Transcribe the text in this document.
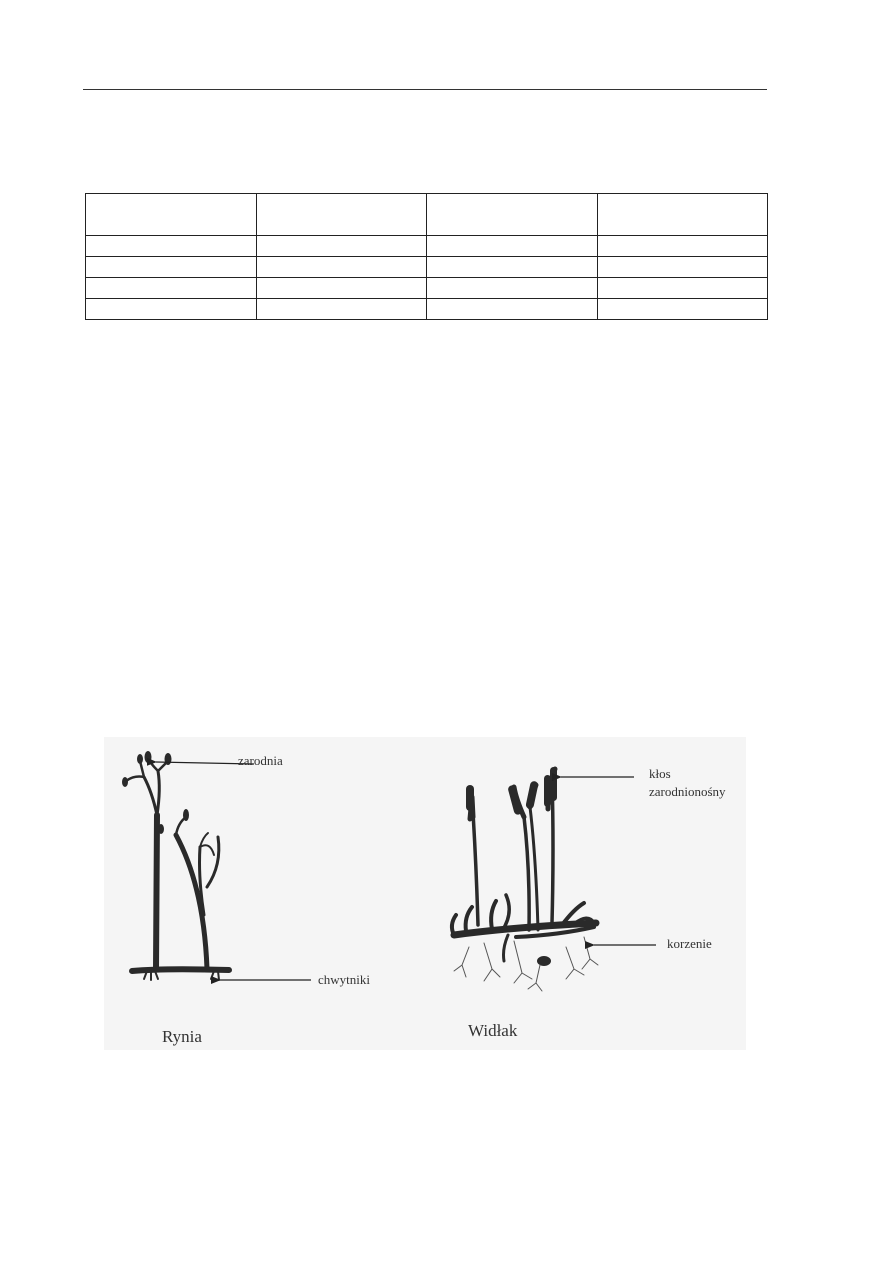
zarodnia
chwytniki
kłos
zarodnionośny
korzenie
Rynia	Widłak
